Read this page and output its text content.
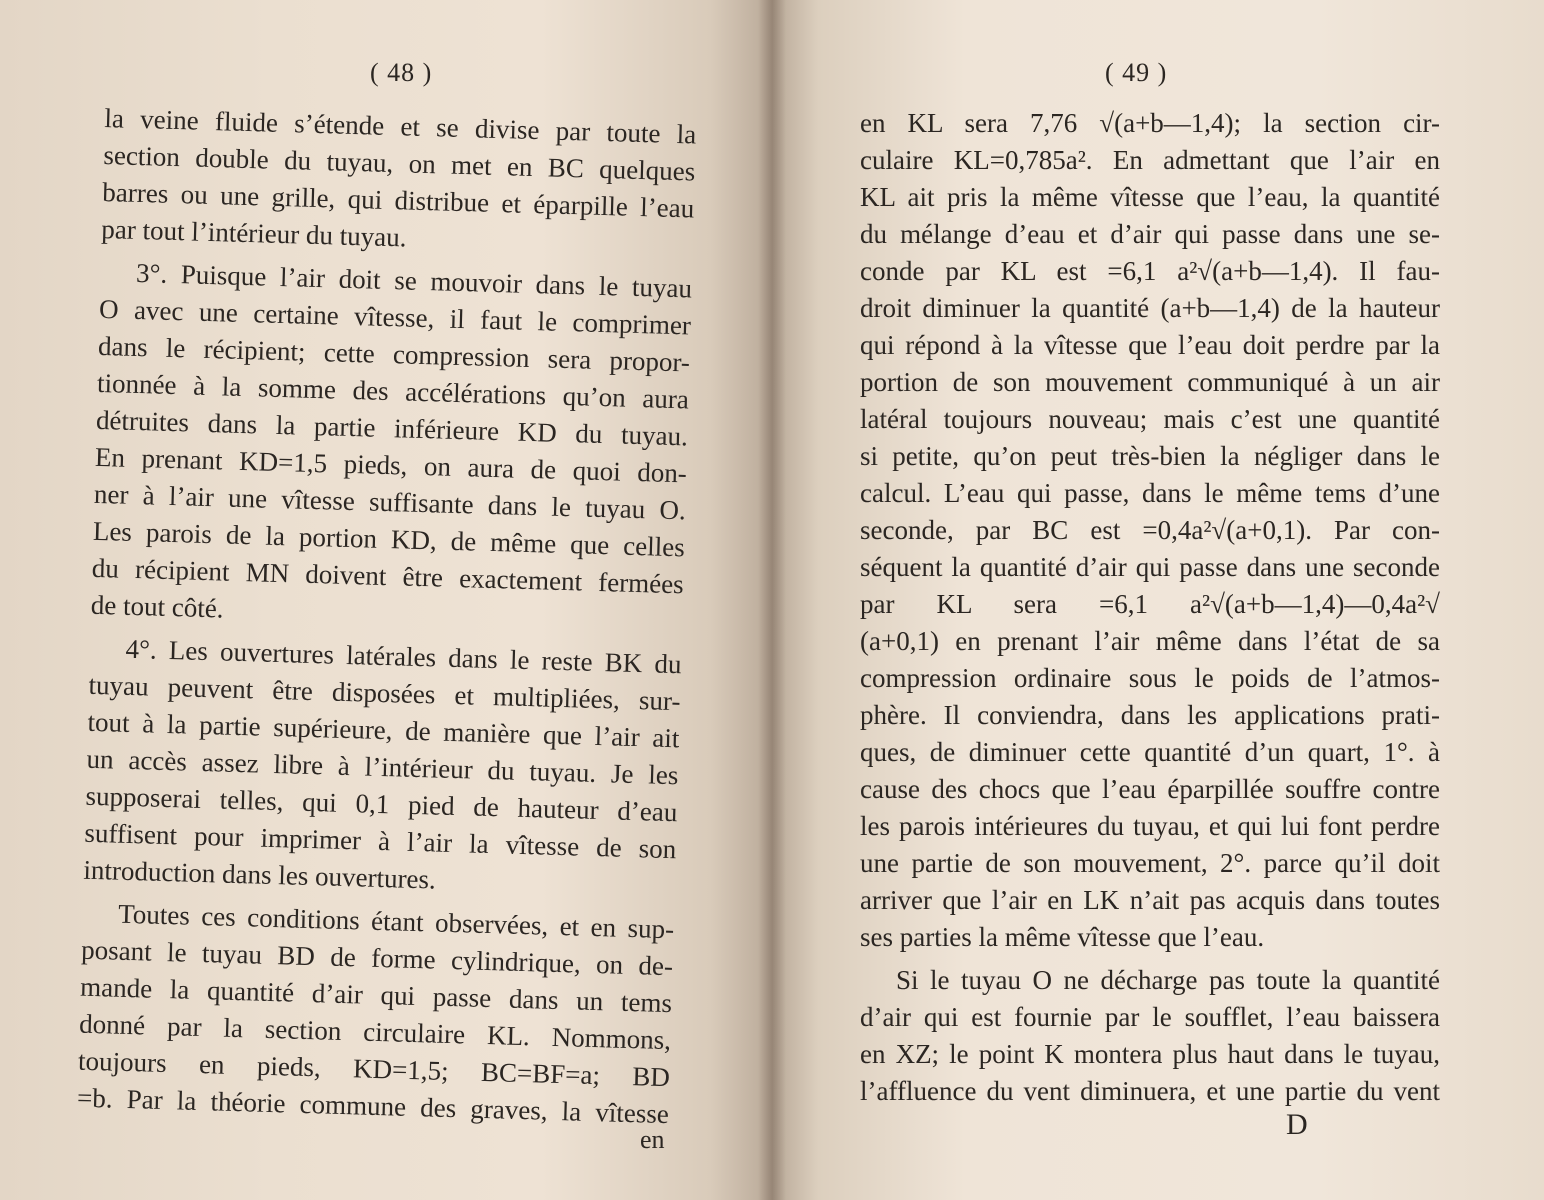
( 48 )
la veine fluide s’étende et se divise par toute la
section double du tuyau, on met en BC quelques
barres ou une grille, qui distribue et éparpille l’eau
par tout l’intérieur du tuyau.
3°. Puisque l’air doit se mouvoir dans le tuyau
O avec une certaine vîtesse, il faut le comprimer
dans le récipient; cette compression sera propor-
tionnée à la somme des accélérations qu’on aura
détruites dans la partie inférieure KD du tuyau.
En prenant KD=1,5 pieds, on aura de quoi don-
ner à l’air une vîtesse suffisante dans le tuyau O.
Les parois de la portion KD, de même que celles
du récipient MN doivent être exactement fermées
de tout côté.
4°. Les ouvertures latérales dans le reste BK du
tuyau peuvent être disposées et multipliées, sur-
tout à la partie supérieure, de manière que l’air ait
un accès assez libre à l’intérieur du tuyau. Je les
supposerai telles, qui 0,1 pied de hauteur d’eau
suffisent pour imprimer à l’air la vîtesse de son
introduction dans les ouvertures.
Toutes ces conditions étant observées, et en sup-
posant le tuyau BD de forme cylindrique, on de-
mande la quantité d’air qui passe dans un tems
donné par la section circulaire KL. Nommons,
toujours en pieds, KD=1,5; BC=BF=a; BD
=b. Par la théorie commune des graves, la vîtesse
en
( 49 )
en KL sera 7,76 √(a+b—1,4); la section cir-
culaire KL=0,785a². En admettant que l’air en
KL ait pris la même vîtesse que l’eau, la quantité
du mélange d’eau et d’air qui passe dans une se-
conde par KL est =6,1 a²√(a+b—1,4). Il fau-
droit diminuer la quantité (a+b—1,4) de la hauteur
qui répond à la vîtesse que l’eau doit perdre par la
portion de son mouvement communiqué à un air
latéral toujours nouveau; mais c’est une quantité
si petite, qu’on peut très-bien la négliger dans le
calcul. L’eau qui passe, dans le même tems d’une
seconde, par BC est =0,4a²√(a+0,1). Par con-
séquent la quantité d’air qui passe dans une seconde
par KL sera =6,1 a²√(a+b—1,4)—0,4a²√
(a+0,1) en prenant l’air même dans l’état de sa
compression ordinaire sous le poids de l’atmos-
phère. Il conviendra, dans les applications prati-
ques, de diminuer cette quantité d’un quart, 1°. à
cause des chocs que l’eau éparpillée souffre contre
les parois intérieures du tuyau, et qui lui font perdre
une partie de son mouvement, 2°. parce qu’il doit
arriver que l’air en LK n’ait pas acquis dans toutes
ses parties la même vîtesse que l’eau.
Si le tuyau O ne décharge pas toute la quantité
d’air qui est fournie par le soufflet, l’eau baissera
en XZ; le point K montera plus haut dans le tuyau,
l’affluence du vent diminuera, et une partie du vent
D
